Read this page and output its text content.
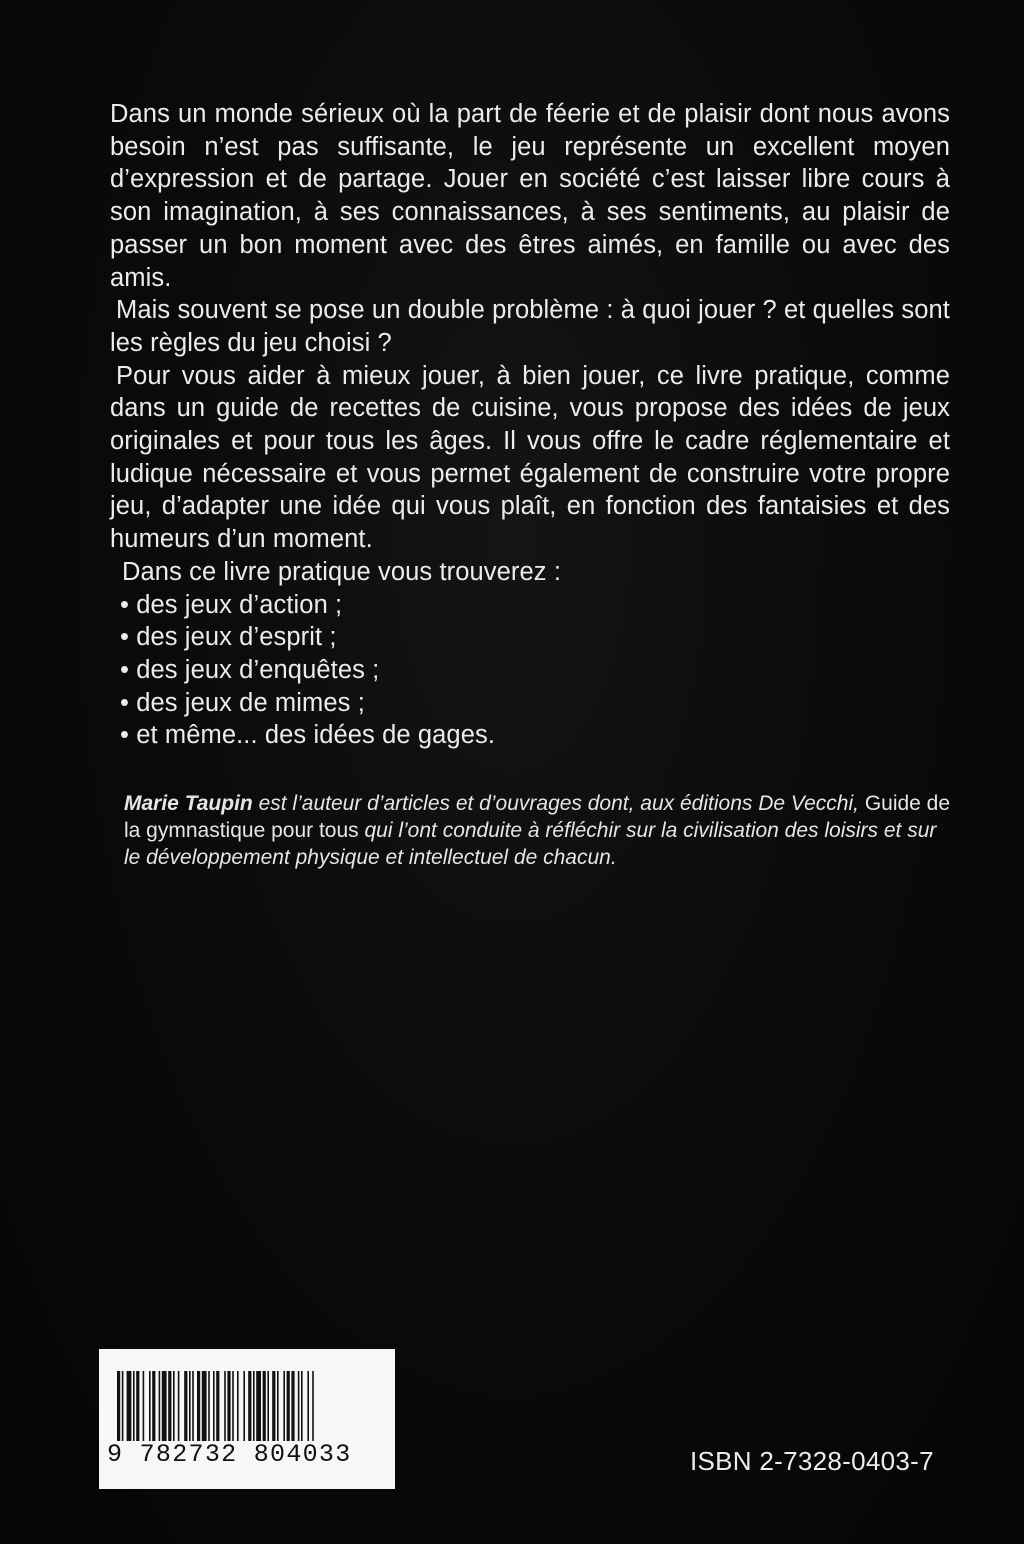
Dans un monde sérieux où la part de féerie et de plaisir dont nous avons besoin n’est pas suffisante, le jeu représente un excellent moyen d’expression et de partage. Jouer en société c’est laisser libre cours à son imagination, à ses connaissances, à ses sentiments, au plaisir de passer un bon moment avec des êtres aimés, en famille ou avec des amis.

Mais souvent se pose un double problème : à quoi jouer ? et quelles sont les règles du jeu choisi ?

Pour vous aider à mieux jouer, à bien jouer, ce livre pratique, comme dans un guide de recettes de cuisine, vous propose des idées de jeux originales et pour tous les âges. Il vous offre le cadre réglementaire et ludique nécessaire et vous permet également de construire votre propre jeu, d’adapter une idée qui vous plaît, en fonction des fantaisies et des humeurs d’un moment.

Dans ce livre pratique vous trouverez :

• des jeux d’action ;
• des jeux d’esprit ;
• des jeux d’enquêtes ;
• des jeux de mimes ;
• et même... des idées de gages.

Marie Taupin est l’auteur d’articles et d’ouvrages dont, aux éditions De Vecchi, Guide de la gymnastique pour tous qui l’ont conduite à réfléchir sur la civilisation des loisirs et sur le développement physique et intellectuel de chacun.

9 782732 804033	ISBN 2-7328-0403-7
